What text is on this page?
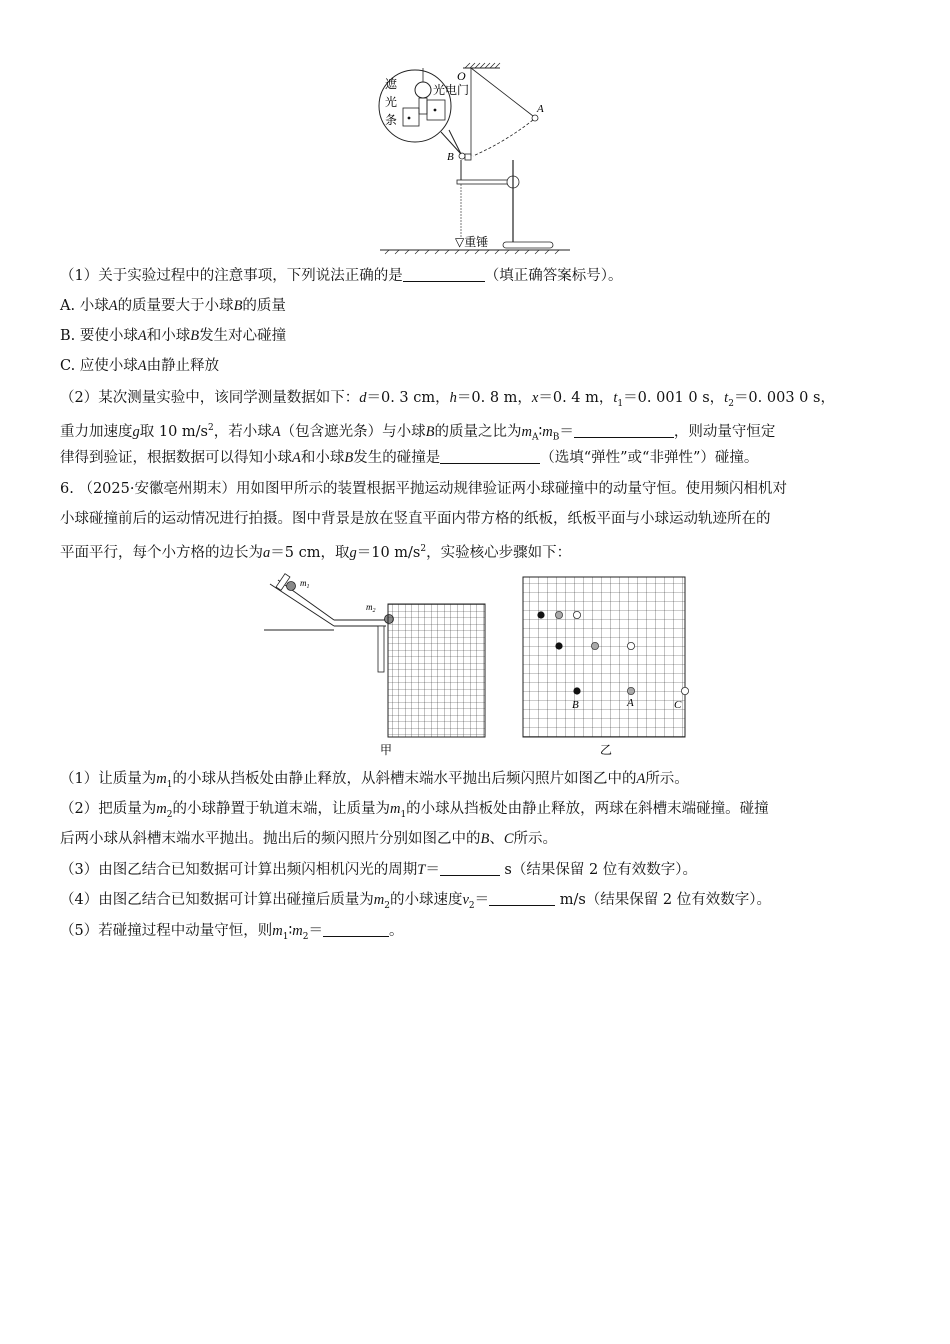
O
A
遮
光
条
光电门
B
▽重锤
（1）关于实验过程中的注意事项，下列说法正确的是	（填正确答案标号）。
A. 小球A的质量要大于小球B的质量
B. 要使小球A和小球B发生对心碰撞
C. 应使小球A由静止释放
（2）某次测量实验中，该同学测量数据如下：d＝0. 3 cm，h＝0. 8 m，x＝0. 4 m，$t_1=0$. 001 0 s，$t_2=0$. 003 0 s，
重力加速度g取 10 $m/s^2$，若小球A（包含遮光条）与小球B的质量之比为$m_A∶m_B=$	，则动量守恒定
律得到验证，根据数据可以得知小球A和小球B发生的碰撞是	（选填“弹性”或“非弹性”）碰撞。
6. （2025·安徽亳州期末）用如图甲所示的装置根据平抛运动规律验证两小球碰撞中的动量守恒。使用频闪相机对
小球碰撞前后的运动情况进行拍摄。图中背景是放在竖直平面内带方格的纸板，纸板平面与小球运动轨迹所在的
平面平行，每个小方格的边长为a＝5 cm，取g＝10 $m/s^2$，实验核心步骤如下：
$m_1$
$m_2$
甲
B	A	C
乙
（1）让质量为$m_1$的小球从挡板处由静止释放，从斜槽末端水平抛出后频闪照片如图乙中的A所示。
（2）把质量为$m_2$的小球静置于轨道末端，让质量为$m_1$的小球从挡板处由静止释放，两球在斜槽末端碰撞。碰撞
后两小球从斜槽末端水平抛出。抛出后的频闪照片分别如图乙中的B、C所示。
（3）由图乙结合已知数据可计算出频闪相机闪光的周期T＝	s（结果保留 2 位有效数字）。
（4）由图乙结合已知数据可计算出碰撞后质量为$m_2$的小球速度$v_2=$	m/s（结果保留 2 位有效数字）。
（5）若碰撞过程中动量守恒，则$m_1∶m_2=$	。
